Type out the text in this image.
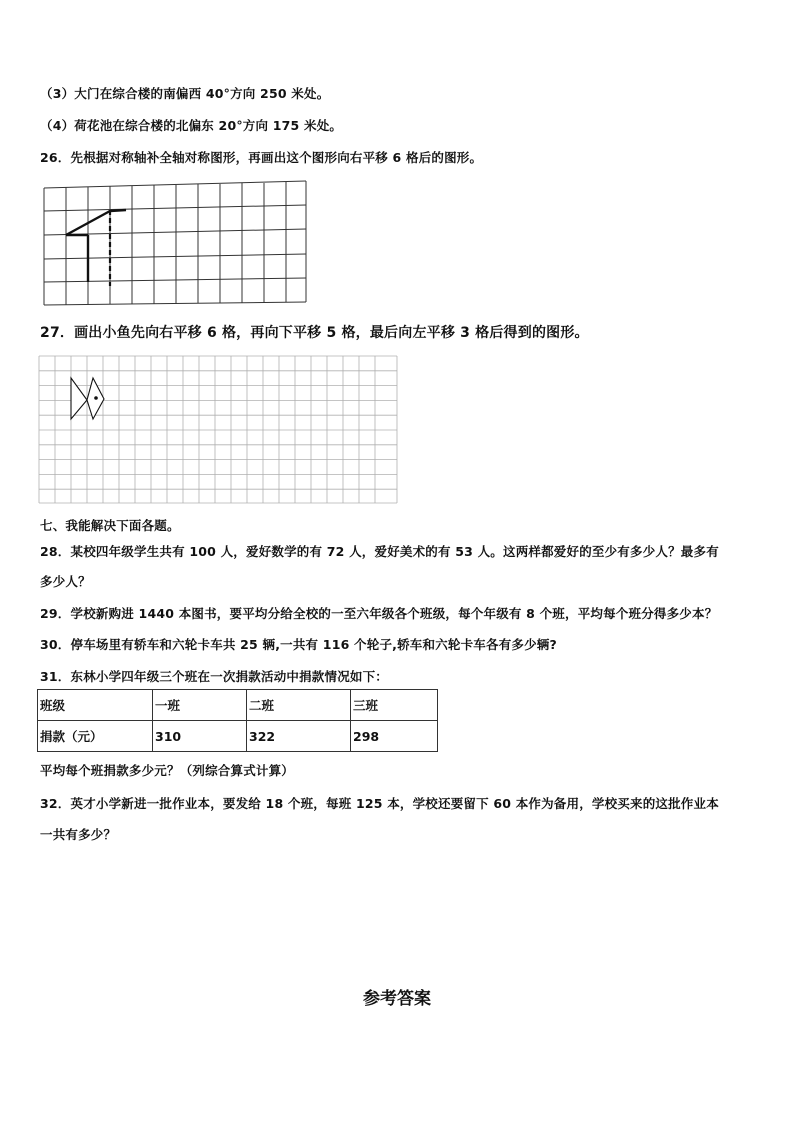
（3）大门在综合楼的南偏西 40°方向 250 米处。
（4）荷花池在综合楼的北偏东 20°方向 175 米处。
26．先根据对称轴补全轴对称图形，再画出这个图形向右平移 6 格后的图形。
27．画出小鱼先向右平移 6 格，再向下平移 5 格，最后向左平移 3 格后得到的图形。
七、我能解决下面各题。
28．某校四年级学生共有 100 人，爱好数学的有 72 人，爱好美术的有 53 人。这两样都爱好的至少有多少人？最多有
多少人？
29．学校新购进 1440 本图书，要平均分给全校的一至六年级各个班级，每个年级有 8 个班，平均每个班分得多少本？
30．停车场里有轿车和六轮卡车共 25 辆,一共有 116 个轮子,轿车和六轮卡车各有多少辆?
31．东林小学四年级三个班在一次捐款活动中捐款情况如下：
班级	一班	二班	三班
捐款（元）	310	322	298
平均每个班捐款多少元？（列综合算式计算）
32．英才小学新进一批作业本，要发给 18 个班，每班 125 本，学校还要留下 60 本作为备用，学校买来的这批作业本
一共有多少？
参考答案
